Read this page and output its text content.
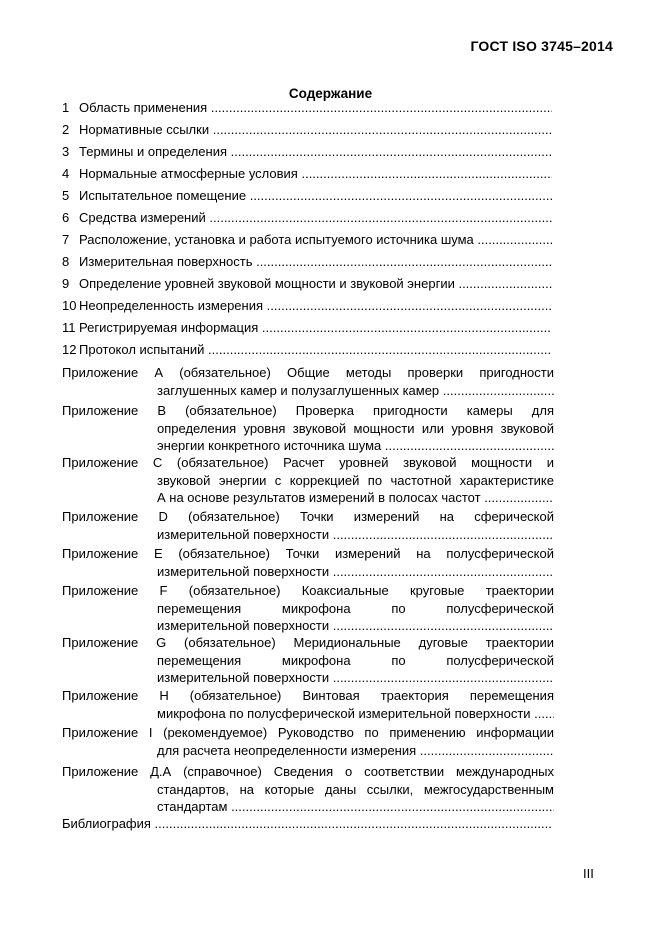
ГОСТ ISO 3745–2014
Содержание
1 Область применения .....
2 Нормативные ссылки .....
3 Термины и определения .....
4 Нормальные атмосферные условия .....
5 Испытательное помещение .....
6 Средства измерений .....
7 Расположение, установка и работа испытуемого источника шума .....
8 Измерительная поверхность .....
9 Определение уровней звуковой мощности и звуковой энергии .....
10 Неопределенность измерения .....
11 Регистрируемая информация .....
12 Протокол испытаний .....
Приложение А (обязательное) Общие методы проверки пригодности
заглушенных камер и полузаглушенных камер .....
Приложение В (обязательное) Проверка пригодности камеры для
определения уровня звуковой мощности или уровня звуковой
энергии конкретного источника шума .....
Приложение С (обязательное) Расчет уровней звуковой мощности и
звуковой энергии с коррекцией по частотной характеристике
А на основе результатов измерений в полосах частот .....
Приложение D (обязательное) Точки измерений на сферической
измерительной поверхности .....
Приложение Е (обязательное) Точки измерений на полусферической
измерительной поверхности .....
Приложение F (обязательное) Коаксиальные круговые траектории
перемещения микрофона по полусферической
измерительной поверхности .....
Приложение G (обязательное) Меридиональные дуговые траектории
перемещения микрофона по полусферической
измерительной поверхности .....
Приложение Н (обязательное) Винтовая траектория перемещения
микрофона по полусферической измерительной поверхности .....
Приложение I (рекомендуемое) Руководство по применению информации
для расчета неопределенности измерения .....
Приложение Д.А (справочное) Сведения о соответствии международных
стандартов, на которые даны ссылки, межгосударственным
стандартам .....
Библиография .....
III
